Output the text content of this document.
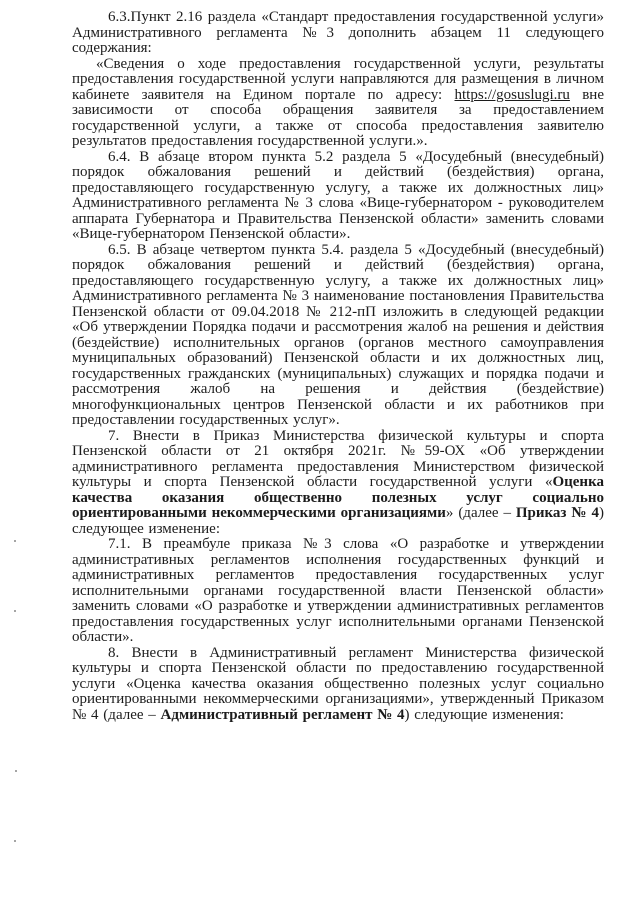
6.3.Пункт 2.16 раздела «Стандарт предоставления государственной услуги» Административного регламента №3 дополнить абзацем 11 следующего содержания:

«Сведения о ходе предоставления государственной услуги, результаты предоставления государственной услуги направляются для размещения в личном кабинете заявителя на Едином портале по адресу: https://gosuslugi.ru вне зависимости от способа обращения заявителя за предоставлением государственной услуги, а также от способа предоставления заявителю результатов предоставления государственной услуги.».

6.4. В абзаце втором пункта 5.2 раздела 5 «Досудебный (внесудебный) порядок обжалования решений и действий (бездействия) органа, предоставляющего государственную услугу, а также их должностных лиц» Административного регламента № 3 слова «Вице-губернатором - руководителем аппарата Губернатора и Правительства Пензенской области» заменить словами «Вице-губернатором Пензенской области».

6.5. В абзаце четвертом пункта 5.4. раздела 5 «Досудебный (внесудебный) порядок обжалования решений и действий (бездействия) органа, предоставляющего государственную услугу, а также их должностных лиц» Административного регламента № 3 наименование постановления Правительства Пензенской области от 09.04.2018 № 212-пП изложить в следующей редакции «Об утверждении Порядка подачи и рассмотрения жалоб на решения и действия (бездействие) исполнительных органов (органов местного самоуправления муниципальных образований) Пензенской области и их должностных лиц, государственных гражданских (муниципальных) служащих и порядка подачи и рассмотрения жалоб на решения и действия (бездействие) многофункциональных центров Пензенской области и их работников при предоставлении государственных услуг».

7. Внести в Приказ Министерства физической культуры и спорта Пензенской области от 21 октября 2021г. №59-ОХ «Об утверждении административного регламента предоставления Министерством физической культуры и спорта Пензенской области государственной услуги «Оценка качества оказания общественно полезных услуг социально ориентированными некоммерческими организациями» (далее – Приказ № 4) следующее изменение:

7.1. В преамбуле приказа №3 слова «О разработке и утверждении административных регламентов исполнения государственных функций и административных регламентов предоставления государственных услуг исполнительными органами государственной власти Пензенской области» заменить словами «О разработке и утверждении административных регламентов предоставления государственных услуг исполнительными органами Пензенской области».

8. Внести в Административный регламент Министерства физической культуры и спорта Пензенской области по предоставлению государственной услуги «Оценка качества оказания общественно полезных услуг социально ориентированными некоммерческими организациями», утвержденный Приказом № 4 (далее – Административный регламент № 4) следующие изменения:
